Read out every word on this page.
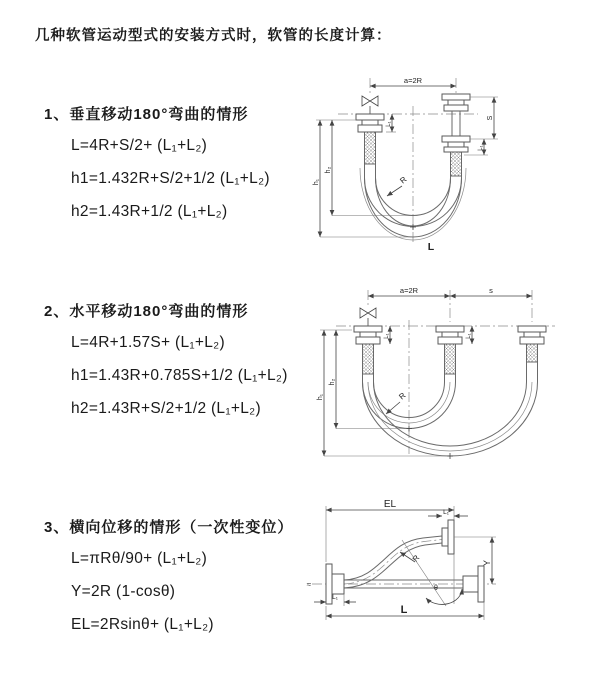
几种软管运动型式的安装方式时，软管的长度计算：
1、垂直移动180°弯曲的情形
L=4R+S/2+ (L₁+L₂)
h1=1.432R+S/2+1/2 (L₁+L₂)
h2=1.43R+1/2 (L₁+L₂)
2、水平移动180°弯曲的情形
L=4R+1.57S+ (L₁+L₂)
h1=1.43R+0.785S+1/2 (L₁+L₂)
h2=1.43R+S/2+1/2 (L₁+L₂)
3、横向位移的情形（一次性变位）
L=πRθ/90+ (L₁+L₂)
Y=2R (1-cosθ)
EL=2Rsinθ+ (L₁+L₂)
a=2R
R
h₂
h₁
S
L₁
L₁
L
a=2R	s
R
h₂
h₁
L₁	L₁
≈
EL
L₁
Y
L
L₁
R
θ
